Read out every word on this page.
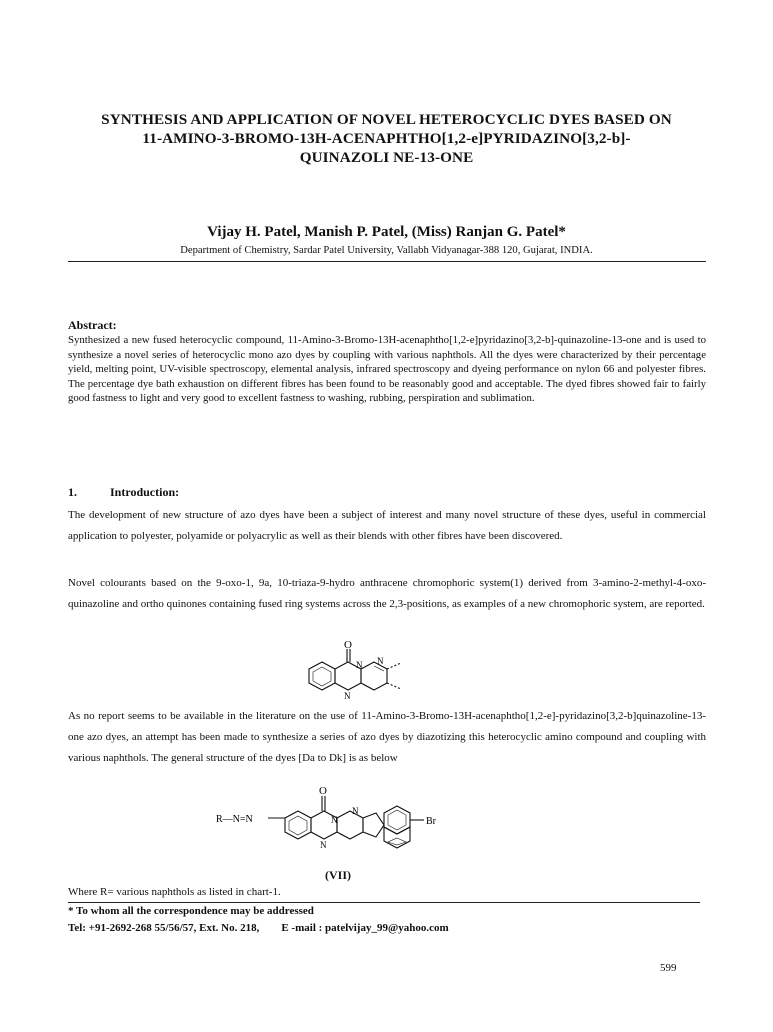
SYNTHESIS AND APPLICATION OF NOVEL HETEROCYCLIC DYES BASED ON
11-AMINO-3-BROMO-13H-ACENAPHTHO[1,2-e]PYRIDAZINO[3,2-b]-
QUINAZOLI NE-13-ONE
Vijay H. Patel, Manish P. Patel, (Miss) Ranjan G. Patel*
Department of Chemistry, Sardar Patel University, Vallabh Vidyanagar-388 120, Gujarat, INDIA.
Abstract:
Synthesized a new fused heterocyclic compound, 11-Amino-3-Bromo-13H-acenaphtho[1,2-e]pyridazino[3,2-b]-quinazoline-13-one and is used to synthesize a novel series of heterocyclic mono azo dyes by coupling with various naphthols. All the dyes were characterized by their percentage yield, melting point, UV-visible spectroscopy, elemental analysis, infrared spectroscopy and dyeing performance on nylon 66 and polyester fibres. The percentage dye bath exhaustion on different fibres has been found to be reasonably good and acceptable. The dyed fibres showed fair to fairly good fastness to light and very good to excellent fastness to washing, rubbing, perspiration and sublimation.
1.	Introduction:
The development of new structure of azo dyes have been a subject of interest and many novel structure of these dyes, useful in commercial application to polyester, polyamide or polyacrylic as well as their blends with other fibres have been discovered.
Novel colourants based on the 9-oxo-1, 9a, 10-triaza-9-hydro anthracene chromophoric system(1) derived from 3-amino-2-methyl-4-oxo-quinazoline and ortho quinones containing fused ring systems across the 2,3-positions, as examples of a new chromophoric system, are reported.
O
N N
N
As no report seems to be available in the literature on the use of 11-Amino-3-Bromo-13H-acenaphtho[1,2-e]-pyridazino[3,2-b]quinazoline-13-one azo dyes, an attempt has been made to synthesize a series of azo dyes by diazotizing this heterocyclic amino compound and coupling with various naphthols. The general structure of the dyes [Da to Dk] is as below
O
N
N
N
R—N=N	Br
(VII)
Where R= various naphthols as listed in chart-1.
* To whom all the correspondence may be addressed
Tel: +91-2692-268 55/56/57, Ext. No. 218, E -mail : patelvijay_99@yahoo.com
599
